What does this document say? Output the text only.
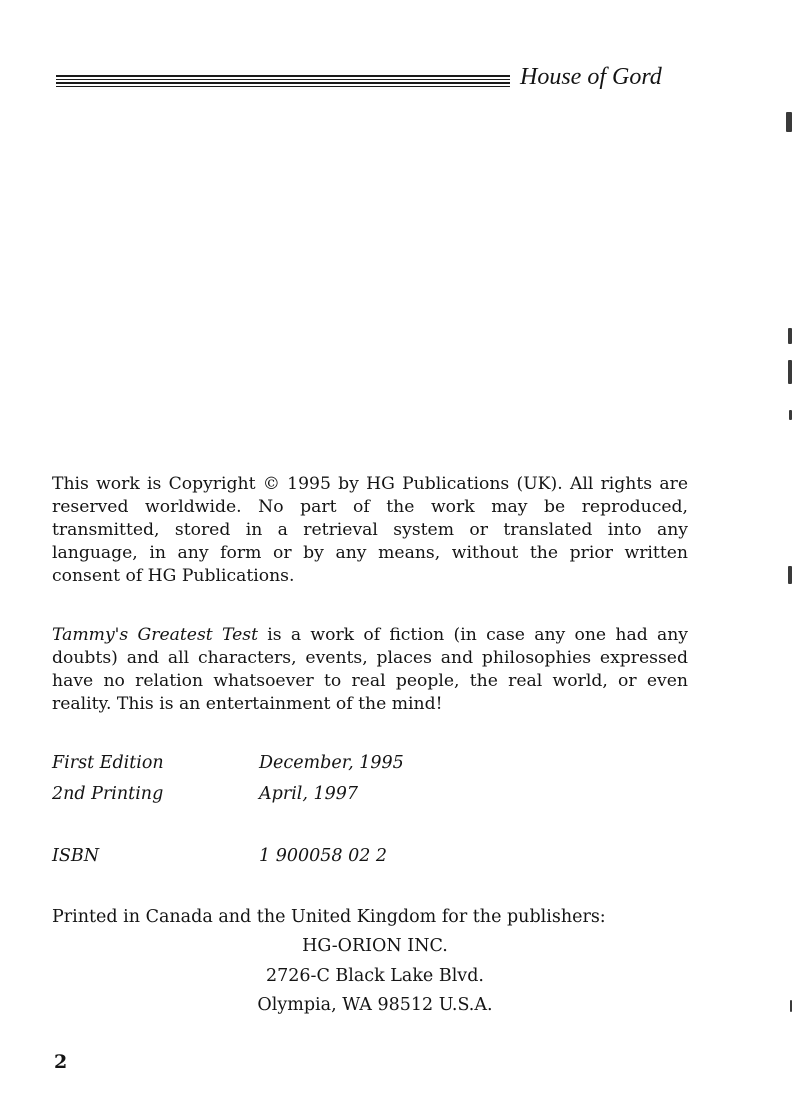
House of Gord

This work is Copyright © 1995 by HG Publications (UK). All rights are reserved worldwide. No part of the work may be reproduced, transmitted, stored in a retrieval system or translated into any language, in any form or by any means, without the prior written consent of HG Publications.

Tammy's Greatest Test is a work of fiction (in case any one had any doubts) and all characters, events, places and philosophies expressed have no relation whatsoever to real people, the real world, or even reality. This is an entertainment of the mind!

First Edition	December, 1995
2nd Printing	April, 1997
ISBN	1 900058 02 2
Printed in Canada and the United Kingdom for the publishers:
HG-ORION INC.
2726-C Black Lake Blvd.
Olympia, WA 98512 U.S.A.
2
